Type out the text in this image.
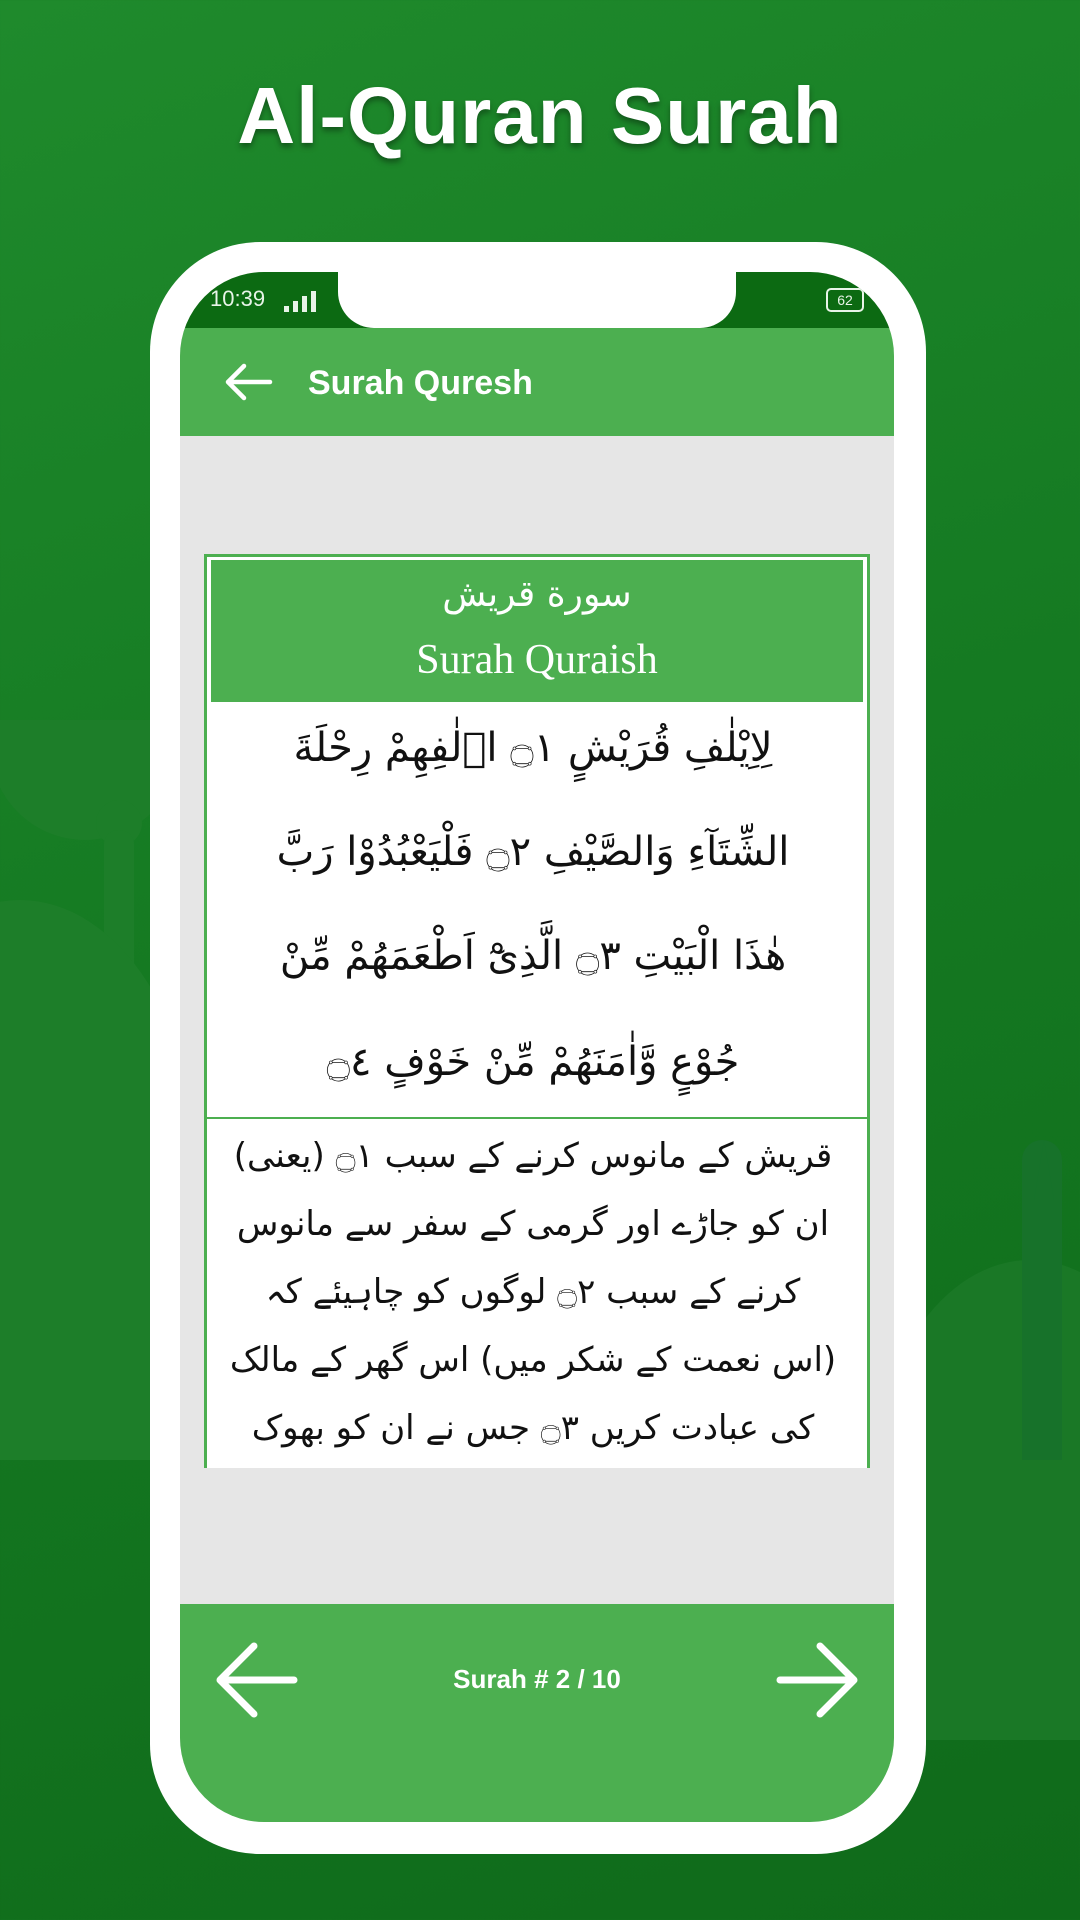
Al-Quran Surah
10:39	62
Surah Quresh
سورة قريش
Surah Quraish
لِاِیْلٰفِ قُرَیْشٍ ۝١ اٖلٰفِهِمْ رِحْلَةَ
الشِّتَآءِ وَالصَّیْفِ ۝٢ فَلْیَعْبُدُوْا رَبَّ
هٰذَا الْبَیْتِ ۝٣ الَّذِیْٓ اَطْعَمَهُمْ مِّنْ
جُوْعٍ وَّاٰمَنَهُمْ مِّنْ خَوْفٍ ۝٤
قریش کے مانوس کرنے کے سبب ۝١ (یعنی)
ان کو جاڑے اور گرمی کے سفر سے مانوس
کرنے کے سبب ۝٢ لوگوں کو چاہیئے کہ
(اس نعمت کے شکر میں) اس گھر کے مالک
کی عبادت کریں ۝٣ جس نے ان کو بھوک
Surah # 2 / 10
